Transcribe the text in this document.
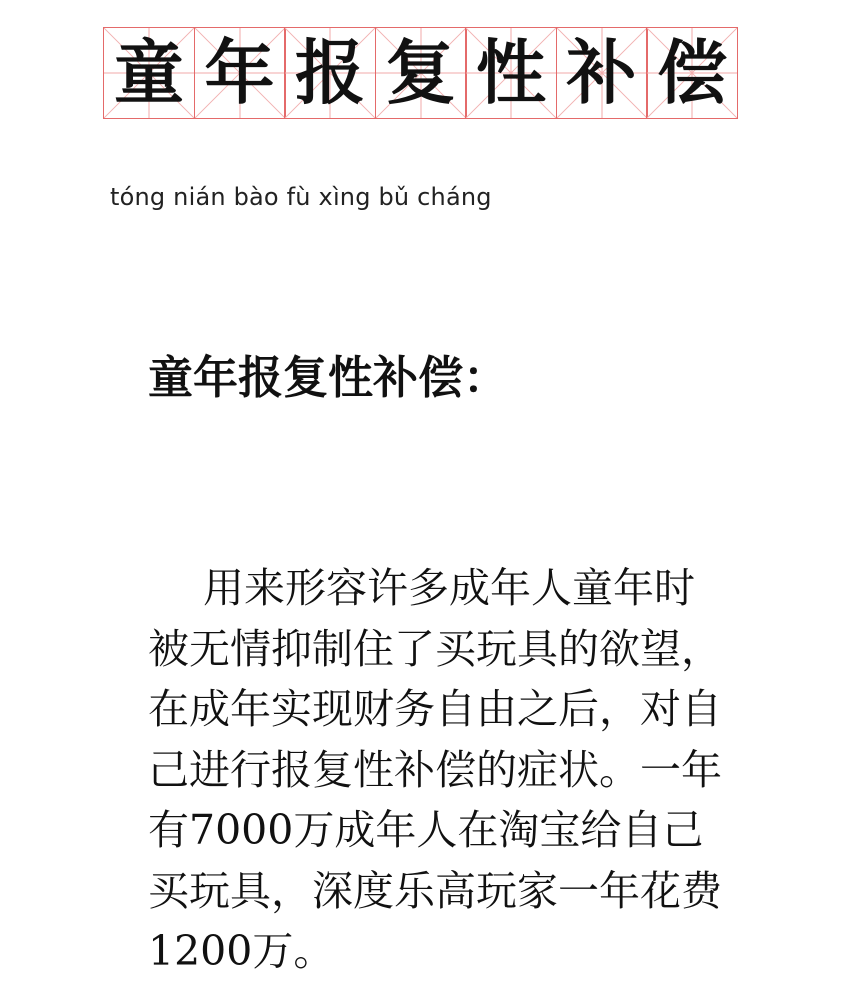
童 年 报 复 性 补 偿
tóng nián bào fù xìng bǔ cháng
童年报复性补偿：
用来形容许多成年人童年时
被无情抑制住了买玩具的欲望，
在成年实现财务自由之后，对自
己进行报复性补偿的症状。一年
有7000万成年人在淘宝给自己
买玩具，深度乐高玩家一年花费
1200万。
